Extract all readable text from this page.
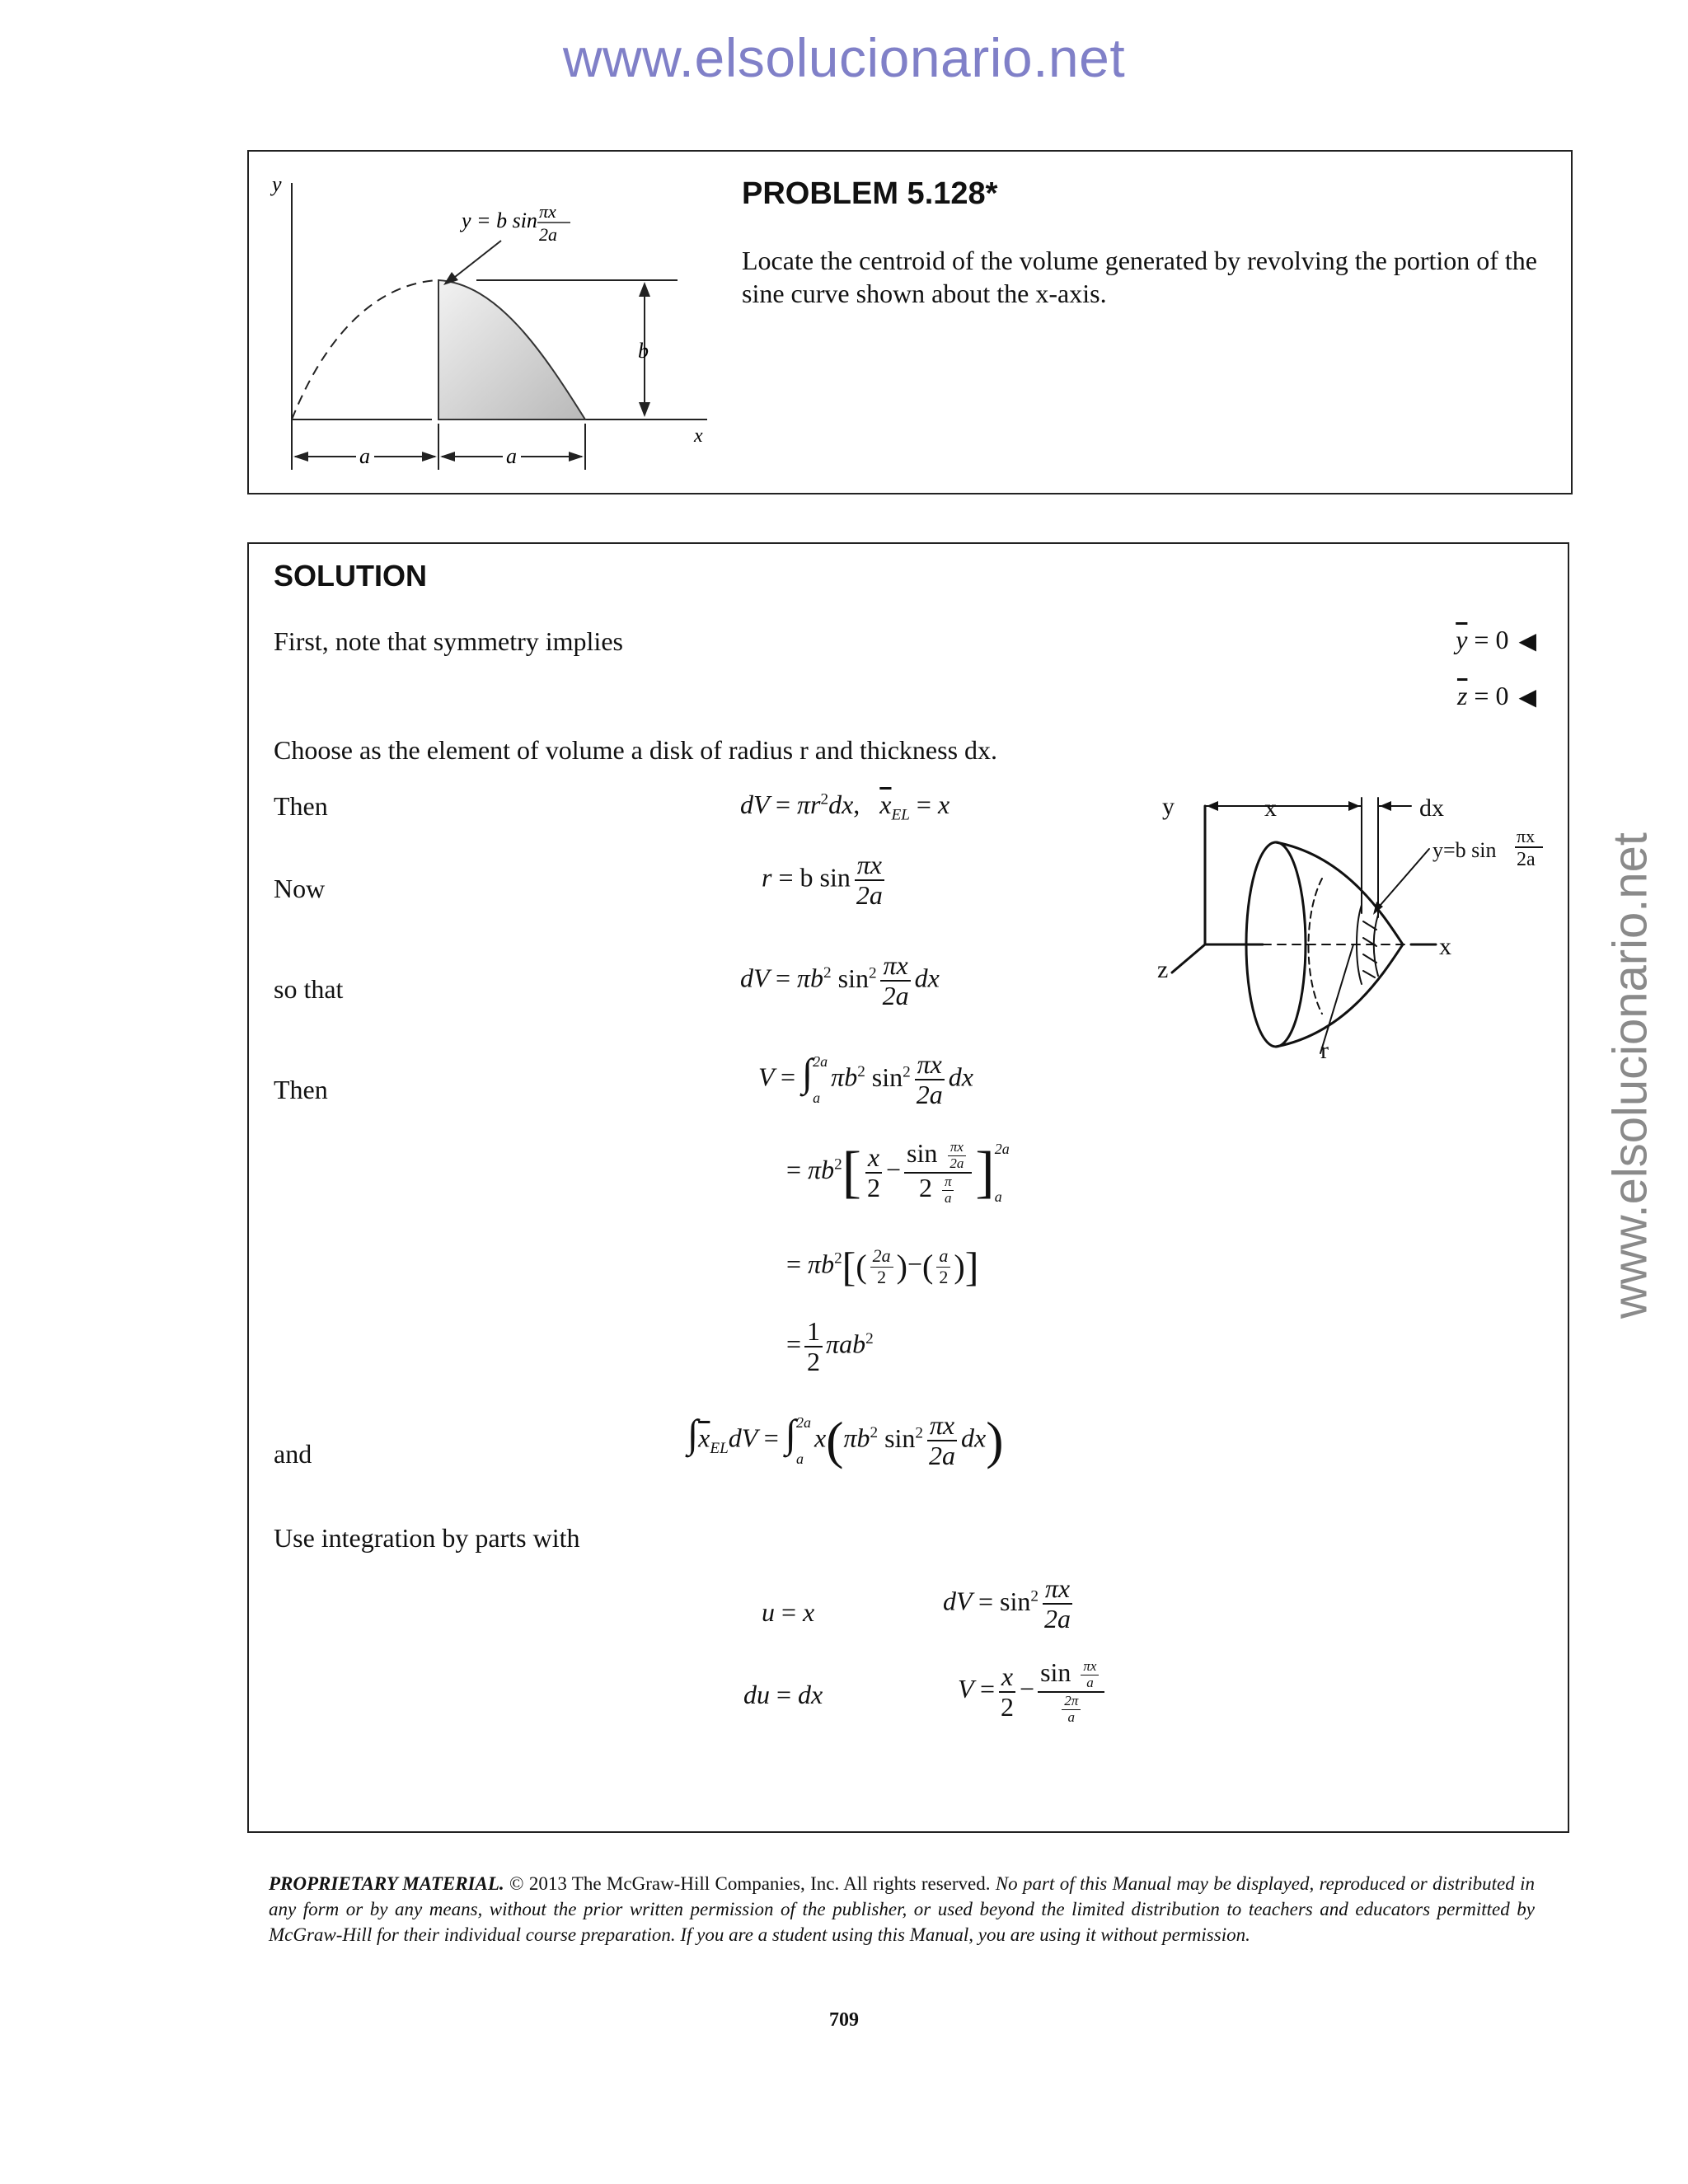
www.elsolucionario.net
www.elsolucionario.net
y
x
y = b sin πx
2a
b
a	a
PROBLEM 5.128*
Locate the centroid of the volume generated by revolving the portion of the sine curve shown about the x-axis.
SOLUTION
First, note that symmetry implies	$\overline{y} = 0$ ◀
$\overline{z} = 0$ ◀
Choose as the element of volume a disk of radius r and thickness dx.
Then	dV = $\pi r^2dx$, $\overline{x}_{EL} = x$
Now	r = b $\sin \frac{\pi x}{2a}$
so that	dV = $\pi b^2$ $\sin^2 \frac{\pi x}{2a}$ dx
Then	V = ∫ 2a
a
$\pi b^2$ $\sin^2 \frac{\pi x}{2a}$ dx
= $\pi b^2[ \frac{x}{2} - \frac{\sin \frac{\pi x}{2a}}{2 \frac{\pi}{a}}$ ] 2a
a
= $\pi b^2[( \frac{2a}{2}$ )−( $\frac{a}{2}$ )]
= $\frac{1}{2} \pi ab^2$
and	$\int\overline{x}_{EL}dV$ = ∫ 2a
a
$x(\pi b^2$ $\sin^2 \frac{\pi x}{2a} dx$)
Use integration by parts with
u = x	dV = $\sin^2 \frac{\pi x}{2a}$
du = dx	$V = \frac{x}{2} - \frac{\sin \frac{\pi x}{a}}{\frac{2\pi}{a}}$
y	x	dx
y=b sin
πx
2a
x
z
r
PROPRIETARY MATERIAL. © 2013 The McGraw-Hill Companies, Inc. All rights reserved. No part of this Manual may be displayed, reproduced or distributed in any form or by any means, without the prior written permission of the publisher, or used beyond the limited distribution to teachers and educators permitted by McGraw-Hill for their individual course preparation. If you are a student using this Manual, you are using it without permission.
709
